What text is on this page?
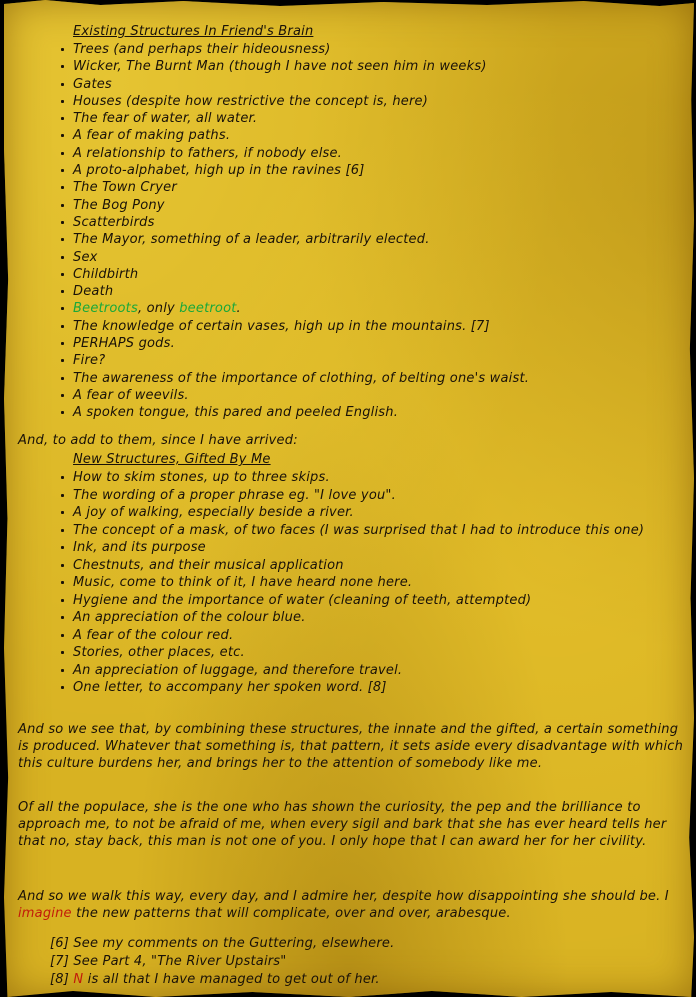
Existing Structures In Friend's Brain
Trees (and perhaps their hideousness)
Wicker, The Burnt Man (though I have not seen him in weeks)
Gates
Houses (despite how restrictive the concept is, here)
The fear of water, all water.
A fear of making paths.
A relationship to fathers, if nobody else.
A proto-alphabet, high up in the ravines [6]
The Town Cryer
The Bog Pony
Scatterbirds
The Mayor, something of a leader, arbitrarily elected.
Sex
Childbirth
Death
Beetroots, only beetroot.
The knowledge of certain vases, high up in the mountains. [7]
PERHAPS gods.
Fire?
The awareness of the importance of clothing, of belting one's waist.
A fear of weevils.
A spoken tongue, this pared and peeled English.
And, to add to them, since I have arrived:
New Structures, Gifted By Me
How to skim stones, up to three skips.
The wording of a proper phrase eg. "I love you".
A joy of walking, especially beside a river.
The concept of a mask, of two faces (I was surprised that I had to introduce this one)
Ink, and its purpose
Chestnuts, and their musical application
Music, come to think of it, I have heard none here.
Hygiene and the importance of water (cleaning of teeth, attempted)
An appreciation of the colour blue.
A fear of the colour red.
Stories, other places, etc.
An appreciation of luggage, and therefore travel.
One letter, to accompany her spoken word. [8]
And so we see that, by combining these structures, the innate and the gifted, a certain something is produced. Whatever that something is, that pattern, it sets aside every disadvantage with which this culture burdens her, and brings her to the attention of somebody like me.
Of all the populace, she is the one who has shown the curiosity, the pep and the brilliance to approach me, to not be afraid of me, when every sigil and bark that she has ever heard tells her that no, stay back, this man is not one of you. I only hope that I can award her for her civility.
And so we walk this way, every day, and I admire her, despite how disappointing she should be. I imagine the new patterns that will complicate, over and over, arabesque.
[6] See my comments on the Guttering, elsewhere.
[7] See Part 4, "The River Upstairs"
[8] N is all that I have managed to get out of her.
